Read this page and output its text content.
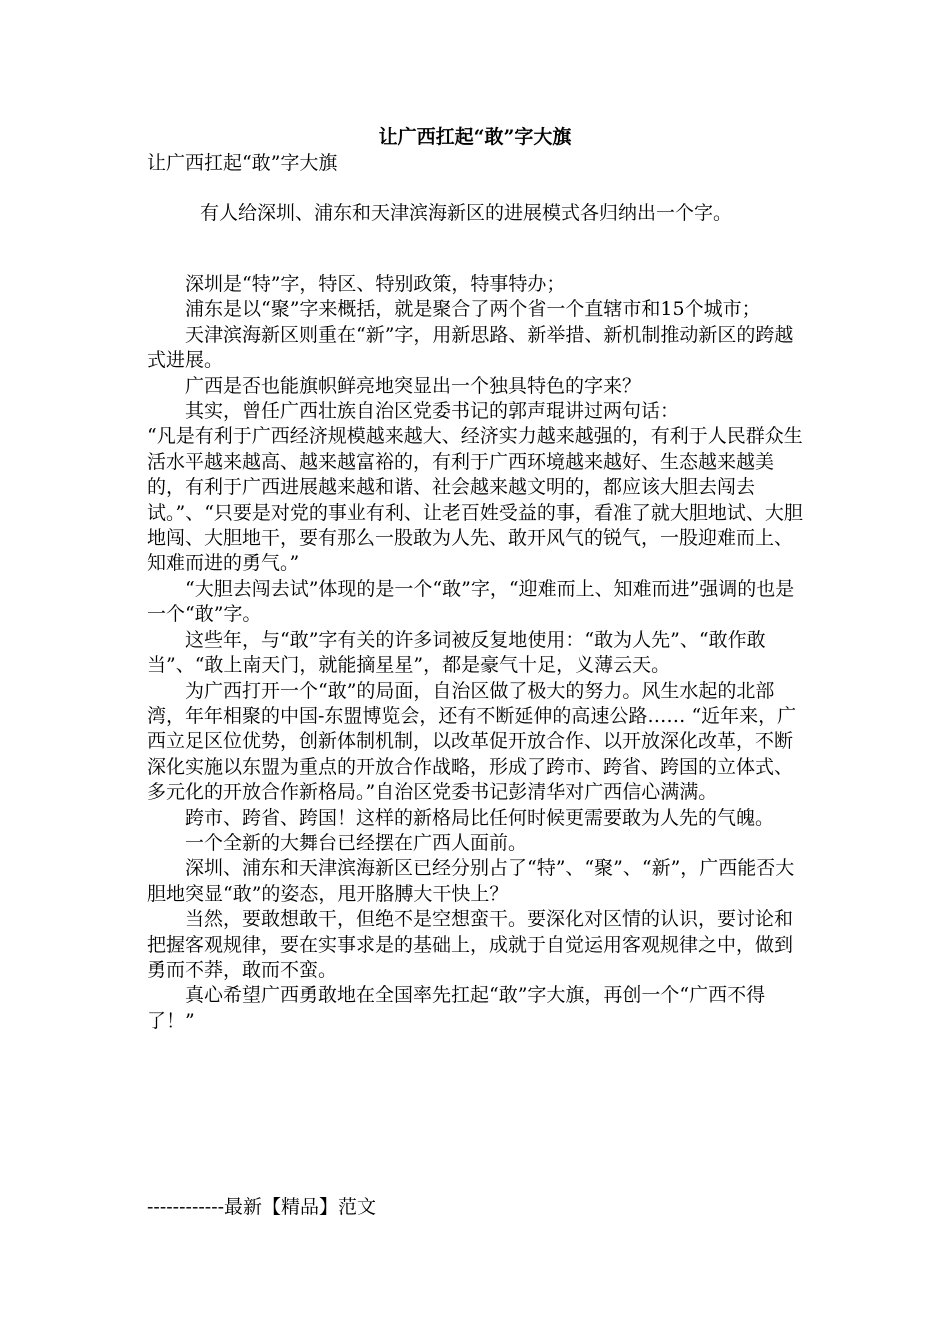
让广西扛起“敢”字大旗
让广西扛起“敢”字大旗
有人给深圳、浦东和天津滨海新区的进展模式各归纳出一个字。

深圳是“特”字，特区、特别政策，特事特办；

浦东是以“聚”字来概括，就是聚合了两个省一个直辖市和15个城市；

天津滨海新区则重在“新”字，用新思路、新举措、新机制推动新区的跨越式进展。

广西是否也能旗帜鲜亮地突显出一个独具特色的字来？

其实，曾任广西壮族自治区党委书记的郭声琨讲过两句话：

“凡是有利于广西经济规模越来越大、经济实力越来越强的，有利于人民群众生活水平越来越高、越来越富裕的，有利于广西环境越来越好、生态越来越美的，有利于广西进展越来越和谐、社会越来越文明的，都应该大胆去闯去试。”、“只要是对党的事业有利、让老百姓受益的事，看准了就大胆地试、大胆地闯、大胆地干，要有那么一股敢为人先、敢开风气的锐气，一股迎难而上、知难而进的勇气。”

“大胆去闯去试”体现的是一个“敢”字，“迎难而上、知难而进”强调的也是一个“敢”字。

这些年，与“敢”字有关的许多词被反复地使用：“敢为人先”、“敢作敢当”、“敢上南天门，就能摘星星”，都是豪气十足，义薄云天。

为广西打开一个“敢”的局面，自治区做了极大的努力。风生水起的北部湾，年年相聚的中国-东盟博览会，还有不断延伸的高速公路…… “近年来，广西立足区位优势，创新体制机制，以改革促开放合作、以开放深化改革，不断深化实施以东盟为重点的开放合作战略，形成了跨市、跨省、跨国的立体式、多元化的开放合作新格局。”自治区党委书记彭清华对广西信心满满。

跨市、跨省、跨国！这样的新格局比任何时候更需要敢为人先的气魄。

一个全新的大舞台已经摆在广西人面前。

深圳、浦东和天津滨海新区已经分别占了“特”、“聚”、“新”，广西能否大胆地突显“敢”的姿态，甩开胳膊大干快上？

当然，要敢想敢干，但绝不是空想蛮干。要深化对区情的认识，要讨论和把握客观规律，要在实事求是的基础上，成就于自觉运用客观规律之中，做到勇而不莽，敢而不蛮。

真心希望广西勇敢地在全国率先扛起“敢”字大旗，再创一个“广西不得了！”

------------最新【精品】范文
